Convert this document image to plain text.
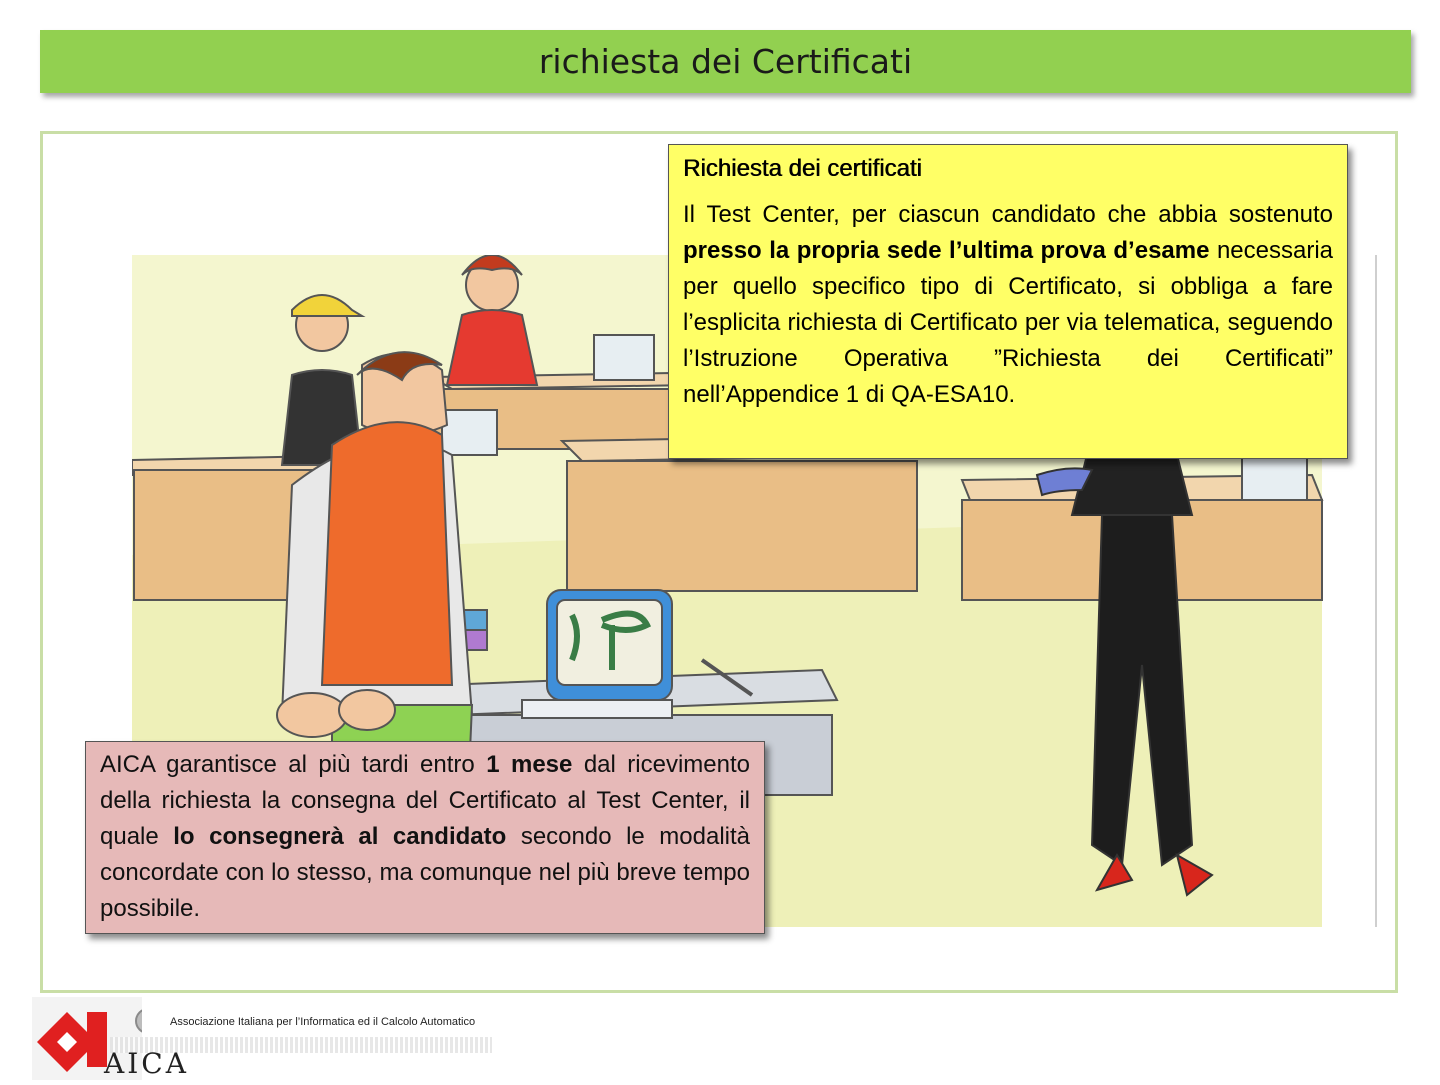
richiesta dei Certificati
Richiesta dei certificati

Il Test Center, per ciascun candidato che abbia sostenuto presso la propria sede l’ultima prova d’esame necessaria per quello specifico tipo di Certificato, si obbliga a fare l’esplicita richiesta di Certificato per via telematica, seguendo l’Istruzione Operativa ”Richiesta dei Certificati” nell’Appendice 1 di QA-ESA10.

AICA garantisce al più tardi entro 1 mese dal ricevimento della richiesta la consegna del Certificato al Test Center, il quale lo consegnerà al candidato secondo le modalità concordate con lo stesso, ma comunque nel più breve tempo possibile.

Associazione Italiana per l’Informatica ed il Calcolo Automatico
AICA
